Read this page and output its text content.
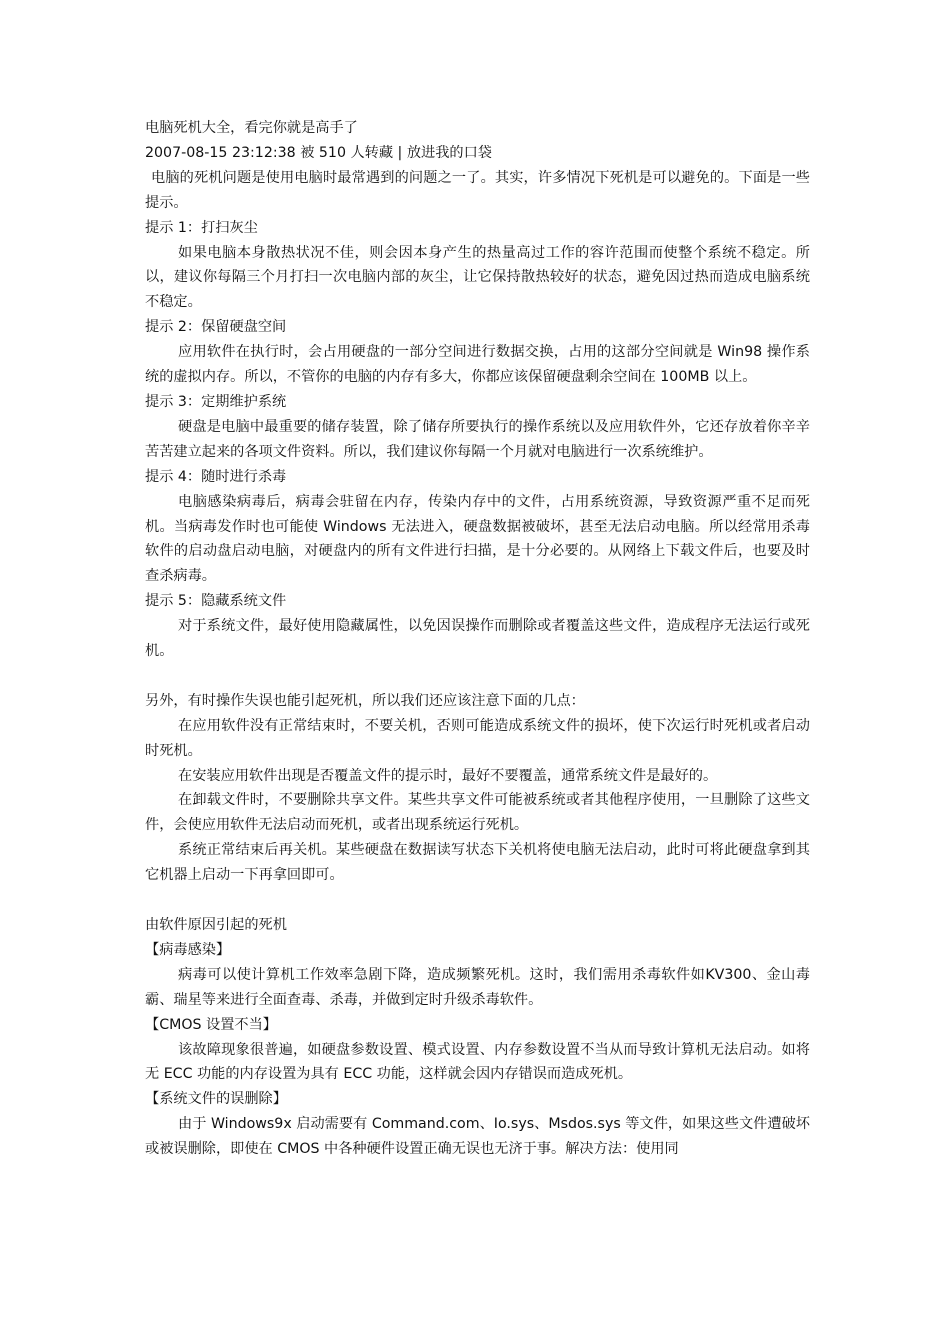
电脑死机大全，看完你就是高手了

2007-08-15 23:12:38 被 510 人转藏 | 放进我的口袋

电脑的死机问题是使用电脑时最常遇到的问题之一了。其实，许多情况下死机是可以避免的。下面是一些提示。

提示 1：打扫灰尘

如果电脑本身散热状况不佳，则会因本身产生的热量高过工作的容许范围而使整个系统不稳定。所以，建议你每隔三个月打扫一次电脑内部的灰尘，让它保持散热较好的状态，避免因过热而造成电脑系统不稳定。

提示 2：保留硬盘空间

应用软件在执行时，会占用硬盘的一部分空间进行数据交换，占用的这部分空间就是 Win98 操作系统的虚拟内存。所以，不管你的电脑的内存有多大，你都应该保留硬盘剩余空间在 100MB 以上。

提示 3：定期维护系统

硬盘是电脑中最重要的储存装置，除了储存所要执行的操作系统以及应用软件外，它还存放着你辛辛苦苦建立起来的各项文件资料。所以，我们建议你每隔一个月就对电脑进行一次系统维护。

提示 4：随时进行杀毒

电脑感染病毒后，病毒会驻留在内存，传染内存中的文件，占用系统资源，导致资源严重不足而死机。当病毒发作时也可能使 Windows 无法进入，硬盘数据被破坏，甚至无法启动电脑。所以经常用杀毒软件的启动盘启动电脑，对硬盘内的所有文件进行扫描，是十分必要的。从网络上下载文件后，也要及时查杀病毒。

提示 5：隐藏系统文件

对于系统文件，最好使用隐藏属性，以免因误操作而删除或者覆盖这些文件，造成程序无法运行或死机。

另外，有时操作失误也能引起死机，所以我们还应该注意下面的几点：

在应用软件没有正常结束时，不要关机，否则可能造成系统文件的损坏，使下次运行时死机或者启动时死机。

在安装应用软件出现是否覆盖文件的提示时，最好不要覆盖，通常系统文件是最好的。

在卸载文件时，不要删除共享文件。某些共享文件可能被系统或者其他程序使用，一旦删除了这些文件，会使应用软件无法启动而死机，或者出现系统运行死机。

系统正常结束后再关机。某些硬盘在数据读写状态下关机将使电脑无法启动，此时可将此硬盘拿到其它机器上启动一下再拿回即可。

由软件原因引起的死机

【病毒感染】

病毒可以使计算机工作效率急剧下降，造成频繁死机。这时，我们需用杀毒软件如KV300、金山毒霸、瑞星等来进行全面查毒、杀毒，并做到定时升级杀毒软件。

【CMOS 设置不当】

该故障现象很普遍，如硬盘参数设置、模式设置、内存参数设置不当从而导致计算机无法启动。如将无 ECC 功能的内存设置为具有 ECC 功能，这样就会因内存错误而造成死机。

【系统文件的误删除】

由于 Windows9x 启动需要有 Command.com、Io.sys、Msdos.sys 等文件，如果这些文件遭破坏或被误删除，即使在 CMOS 中各种硬件设置正确无误也无济于事。解决方法：使用同
